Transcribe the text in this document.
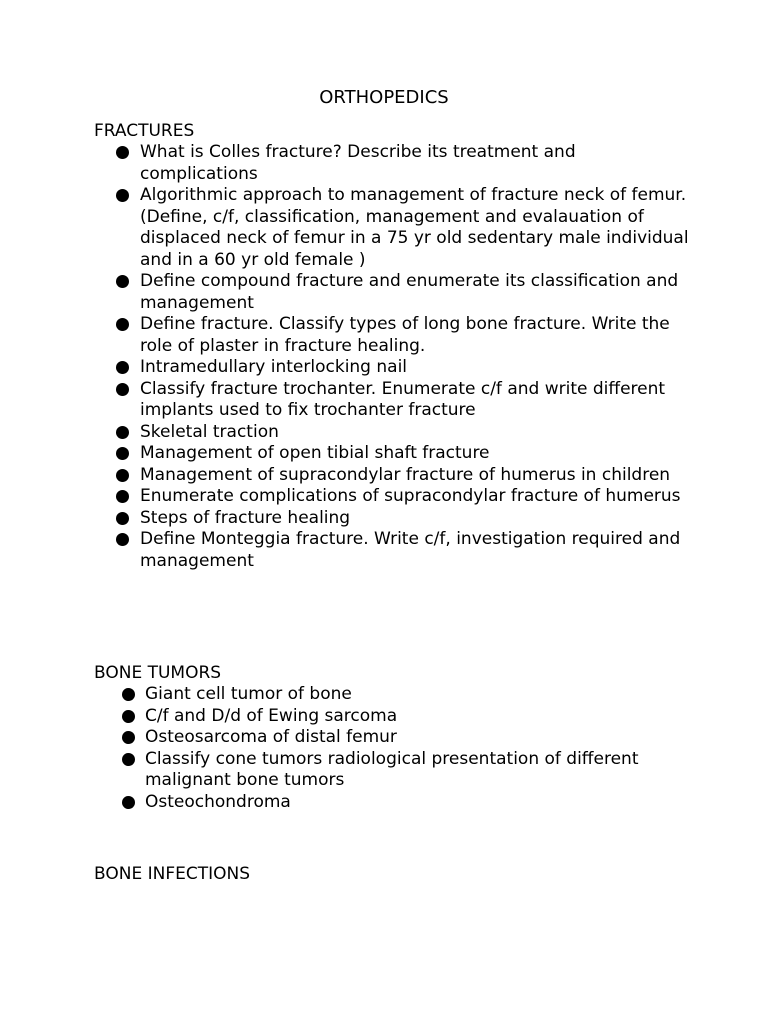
ORTHOPEDICS
FRACTURES
What is Colles fracture? Describe its treatment and complications
Algorithmic approach to management of fracture neck of femur. (Define, c/f, classification, management and evalauation of displaced neck of femur in a 75 yr old sedentary male individual and in a 60 yr old female )
Define compound fracture and enumerate its classification and management
Define fracture. Classify types of long bone fracture. Write the role of plaster in fracture healing.
Intramedullary interlocking nail
Classify fracture trochanter. Enumerate c/f and write different implants used to fix trochanter fracture
Skeletal traction
Management of open tibial shaft fracture
Management of supracondylar fracture of humerus in children
Enumerate complications of supracondylar fracture of humerus
Steps of fracture healing
Define Monteggia fracture. Write c/f, investigation required and management
BONE TUMORS
Giant cell tumor of bone
C/f and D/d of Ewing sarcoma
Osteosarcoma of distal femur
Classify cone tumors radiological presentation of different malignant bone tumors
Osteochondroma
BONE INFECTIONS
